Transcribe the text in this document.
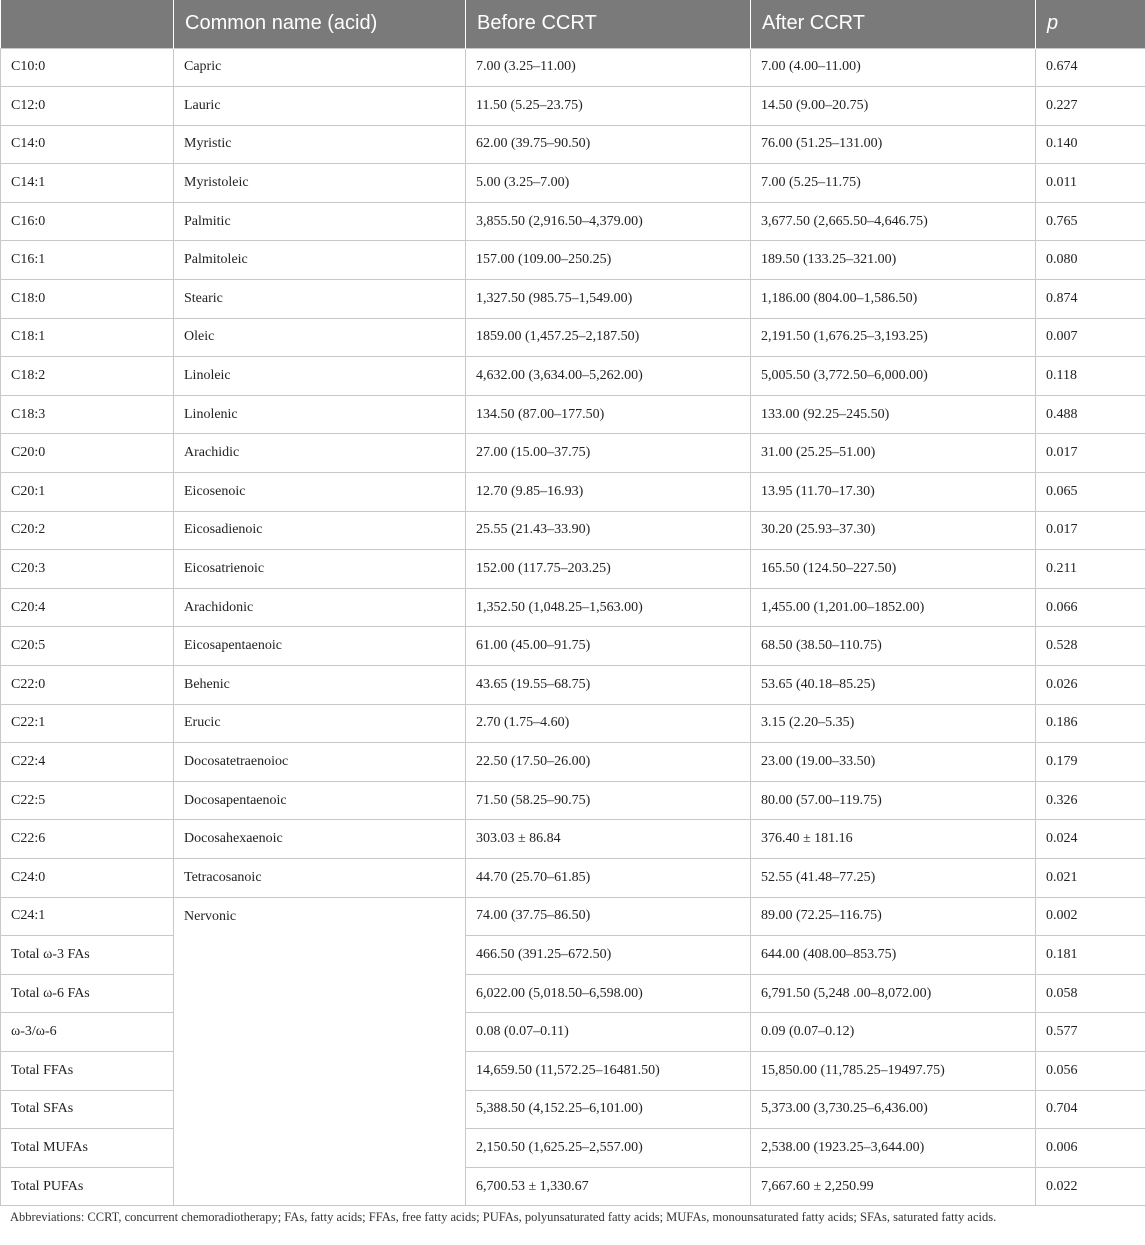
	Common name (acid)	Before CCRT	After CCRT	p
C10:0	Capric	7.00 (3.25–11.00)	7.00 (4.00–11.00)	0.674
C12:0	Lauric	11.50 (5.25–23.75)	14.50 (9.00–20.75)	0.227
C14:0	Myristic	62.00 (39.75–90.50)	76.00 (51.25–131.00)	0.140
C14:1	Myristoleic	5.00 (3.25–7.00)	7.00 (5.25–11.75)	0.011
C16:0	Palmitic	3,855.50 (2,916.50–4,379.00)	3,677.50 (2,665.50–4,646.75)	0.765
C16:1	Palmitoleic	157.00 (109.00–250.25)	189.50 (133.25–321.00)	0.080
C18:0	Stearic	1,327.50 (985.75–1,549.00)	1,186.00 (804.00–1,586.50)	0.874
C18:1	Oleic	1859.00 (1,457.25–2,187.50)	2,191.50 (1,676.25–3,193.25)	0.007
C18:2	Linoleic	4,632.00 (3,634.00–5,262.00)	5,005.50 (3,772.50–6,000.00)	0.118
C18:3	Linolenic	134.50 (87.00–177.50)	133.00 (92.25–245.50)	0.488
C20:0	Arachidic	27.00 (15.00–37.75)	31.00 (25.25–51.00)	0.017
C20:1	Eicosenoic	12.70 (9.85–16.93)	13.95 (11.70–17.30)	0.065
C20:2	Eicosadienoic	25.55 (21.43–33.90)	30.20 (25.93–37.30)	0.017
C20:3	Eicosatrienoic	152.00 (117.75–203.25)	165.50 (124.50–227.50)	0.211
C20:4	Arachidonic	1,352.50 (1,048.25–1,563.00)	1,455.00 (1,201.00–1852.00)	0.066
C20:5	Eicosapentaenoic	61.00 (45.00–91.75)	68.50 (38.50–110.75)	0.528
C22:0	Behenic	43.65 (19.55–68.75)	53.65 (40.18–85.25)	0.026
C22:1	Erucic	2.70 (1.75–4.60)	3.15 (2.20–5.35)	0.186
C22:4	Docosatetraenoioc	22.50 (17.50–26.00)	23.00 (19.00–33.50)	0.179
C22:5	Docosapentaenoic	71.50 (58.25–90.75)	80.00 (57.00–119.75)	0.326
C22:6	Docosahexaenoic	303.03 ± 86.84	376.40 ± 181.16	0.024
C24:0	Tetracosanoic	44.70 (25.70–61.85)	52.55 (41.48–77.25)	0.021
C24:1	Nervonic	74.00 (37.75–86.50)	89.00 (72.25–116.75)	0.002
Total ω-3 FAs		466.50 (391.25–672.50)	644.00 (408.00–853.75)	0.181
Total ω-6 FAs		6,022.00 (5,018.50–6,598.00)	6,791.50 (5,248 .00–8,072.00)	0.058
ω-3/ω-6		0.08 (0.07–0.11)	0.09 (0.07–0.12)	0.577
Total FFAs		14,659.50 (11,572.25–16481.50)	15,850.00 (11,785.25–19497.75)	0.056
Total SFAs		5,388.50 (4,152.25–6,101.00)	5,373.00 (3,730.25–6,436.00)	0.704
Total MUFAs		2,150.50 (1,625.25–2,557.00)	2,538.00 (1923.25–3,644.00)	0.006
Total PUFAs		6,700.53 ± 1,330.67	7,667.60 ± 2,250.99	0.022
Abbreviations: CCRT, concurrent chemoradiotherapy; FAs, fatty acids; FFAs, free fatty acids; PUFAs, polyunsaturated fatty acids; MUFAs, monounsaturated fatty acids; SFAs, saturated fatty acids.
